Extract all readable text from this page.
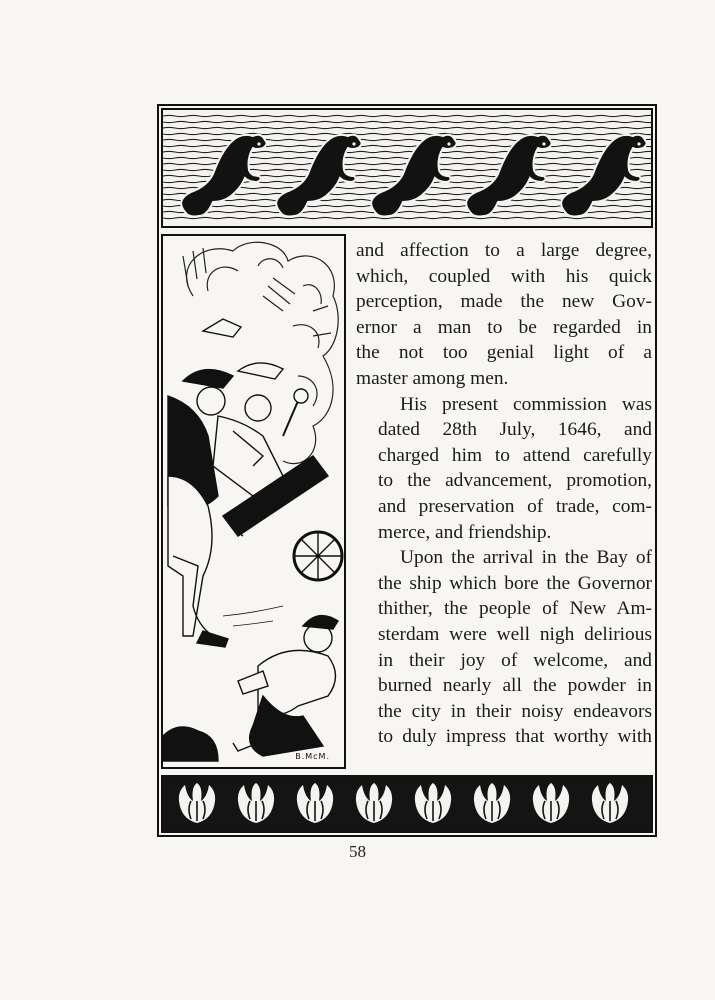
B.McM.

and affection to a large degree,
which, coupled with his quick
perception, made the new Gov-
ernor a man to be regarded in
the not too genial light of a
master among men.

His present commission was
dated 28th July, 1646, and
charged him to attend carefully
to the advancement, promotion,
and preservation of trade, com-
merce, and friendship.

Upon the arrival in the Bay of
the ship which bore the Governor
thither, the people of New Am-
sterdam were well nigh delirious
in their joy of welcome, and
burned nearly all the powder in
the city in their noisy endeavors
to duly impress that worthy with

58
